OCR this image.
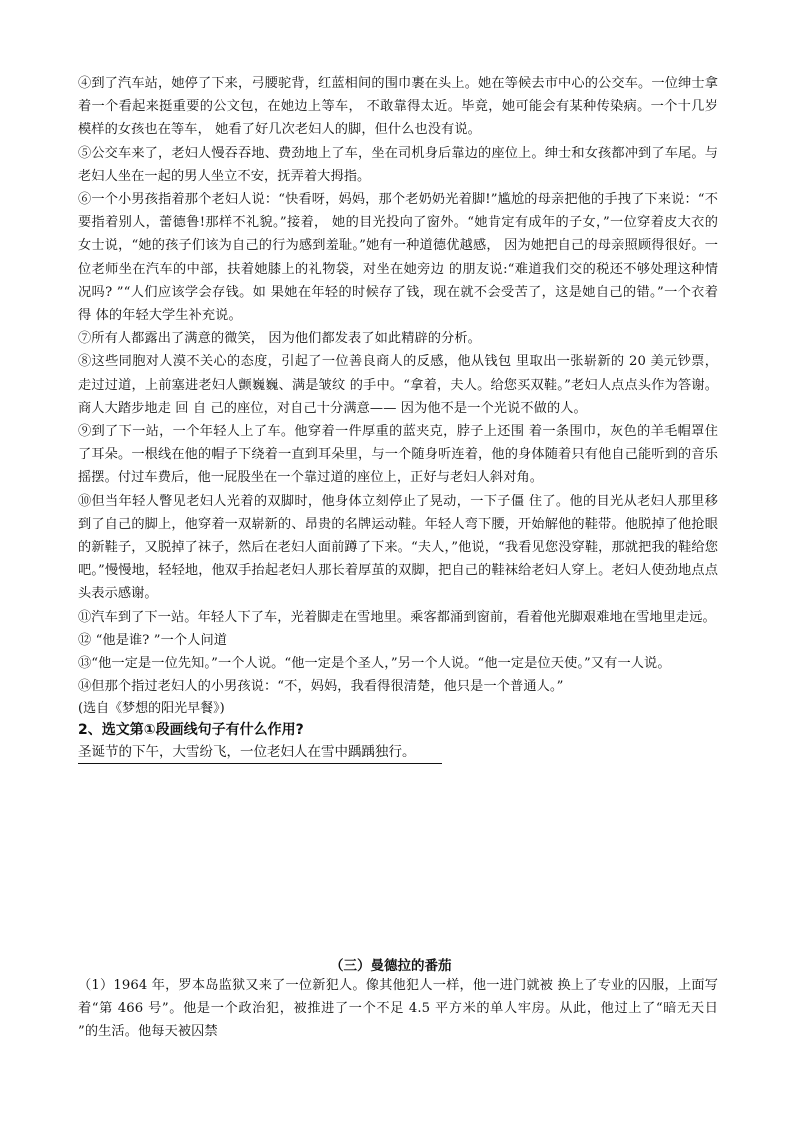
④到了汽车站，她停了下来，弓腰驼背，红蓝相间的围巾裹在头上。她在等候去市中心的公交车。一位绅士拿着一个看起来挺重要的公文包，在她边上等车， 不敢靠得太近。毕竟，她可能会有某种传染病。一个十几岁模样的女孩也在等车， 她看了好几次老妇人的脚，但什么也没有说。

⑤公交车来了，老妇人慢吞吞地、费劲地上了车，坐在司机身后靠边的座位上。绅士和女孩都冲到了车尾。与老妇人坐在一起的男人坐立不安，抚弄着大拇指。

⑥一个小男孩指着那个老妇人说：“快看呀，妈妈，那个老奶奶光着脚!”尴尬的母亲把他的手拽了下来说：“不要指着别人，蕾德鲁!那样不礼貌。”接着， 她的目光投向了窗外。“她肯定有成年的子女，”一位穿着皮大衣的女士说，“她的孩子们该为自己的行为感到羞耻。”她有一种道德优越感， 因为她把自己的母亲照顾得很好。一位老师坐在汽车的中部，扶着她膝上的礼物袋，对坐在她旁边 的朋友说:“难道我们交的税还不够处理这种情况吗? ”“人们应该学会存钱。如 果她在年轻的时候存了钱，现在就不会受苦了，这是她自己的错。”一个衣着得 体的年轻大学生补充说。

⑦所有人都露出了满意的微笑， 因为他们都发表了如此精辟的分析。

⑧这些同胞对人漠不关心的态度，引起了一位善良商人的反感，他从钱包 里取出一张崭新的 20 美元钞票，走过过道，上前塞进老妇人颤巍巍、满是皱纹 的手中。“拿着，夫人。给您买双鞋。”老妇人点点头作为答谢。商人大踏步地走 回 自 己的座位，对自己十分满意—— 因为他不是一个光说不做的人。

⑨到了下一站，一个年轻人上了车。他穿着一件厚重的蓝夹克，脖子上还围 着一条围巾，灰色的羊毛帽罩住了耳朵。一根线在他的帽子下绕着一直到耳朵里，与一个随身听连着，他的身体随着只有他自己能听到的音乐摇摆。付过车费后，他一屁股坐在一个靠过道的座位上，正好与老妇人斜对角。

⑩但当年轻人瞥见老妇人光着的双脚时，他身体立刻停止了晃动，一下子僵 住了。他的目光从老妇人那里移到了自己的脚上，他穿着一双崭新的、昂贵的名牌运动鞋。年轻人弯下腰，开始解他的鞋带。他脱掉了他抢眼的新鞋子，又脱掉了袜子，然后在老妇人面前蹲了下来。“夫人，”他说，“我看见您没穿鞋，那就把我的鞋给您吧。”慢慢地，轻轻地，他双手抬起老妇人那长着厚茧的双脚，把自己的鞋袜给老妇人穿上。老妇人使劲地点点头表示感谢。

⑪汽车到了下一站。年轻人下了车，光着脚走在雪地里。乘客都涌到窗前，看着他光脚艰难地在雪地里走远。

⑫ “他是谁? ”一个人问道

⑬“他一定是一位先知。”一个人说。“他一定是个圣人，”另一个人说。“他一定是位天使。”又有一人说。

⑭但那个指过老妇人的小男孩说：“不，妈妈，我看得很清楚，他只是一个普通人。”

(选自《梦想的阳光早餐》)

2、选文第①段画线句子有什么作用?

圣诞节的下午，大雪纷飞，一位老妇人在雪中踽踽独行。

（三）曼德拉的番茄

（1）1964 年，罗本岛监狱又来了一位新犯人。像其他犯人一样，他一进门就被 换上了专业的囚服，上面写着“第 466 号”。他是一个政治犯，被推进了一个不足 4.5 平方米的单人牢房。从此，他过上了“暗无天日 ”的生活。他每天被囚禁
